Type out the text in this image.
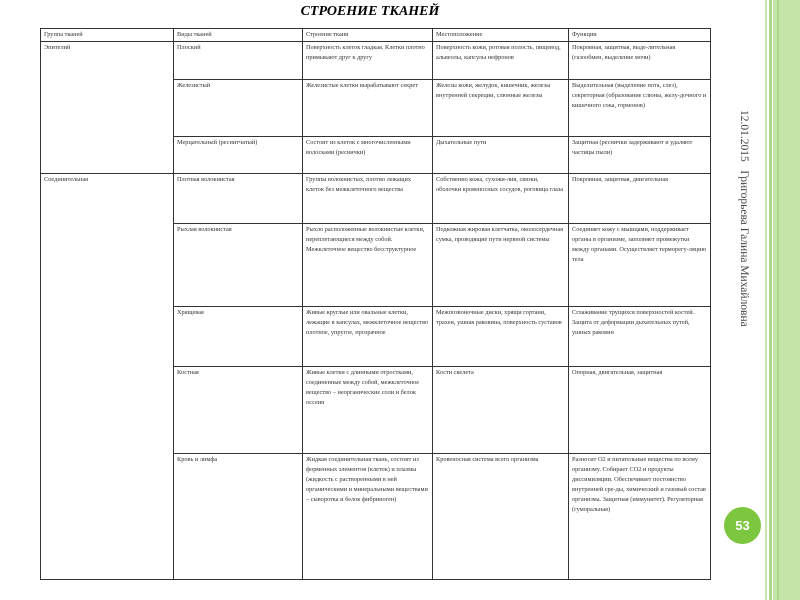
СТРОЕНИЕ ТКАНЕЙ
Группа тканей	Виды тканей	Строение ткани	Местоположение	Функции
Эпителий	Плоский	Поверхность клеток гладкая. Клетки плотно примыкают друг к другу	Поверхность кожи, ротовая полость, пищевод, альвеолы, капсулы нефронов	Покровная, защитная, выде-лительная (газообмен, выделение мочи)
	Железистый	Железистые клетки вырабатывают секрет	Железы кожи, желудок, кишечник, железы внутренней секреции, слюнные железы	Выделительная (выделение пота, слез), секреторная (образование слюны, желу-дочного и кишечного сока, гормонов)
	Мерцательный (реснитчатый)	Состоит из клеток с многочисленными волосками (реснички)	Дыхательные пути	Защитная (реснички задерживают и удаляют частицы пыли)
Соединительная	Плотная волокнистая	Группы волокнистых, плотно лежащих клеток без межклеточного вещества	Собственно кожа, сухожи-лия, связки, оболочки кровеносных сосудов, роговица глаза	Покровная, защитная, двигательная
	Рыхлая волокнистая	Рыхло расположенные волокнистые клетки, переплетающиеся между собой. Межклеточное вещество бесструктурное	Подкожная жировая клетчатка, околосердечная сумка, проводящие пути нервной системы	Соединяет кожу с мышцами, поддерживает органы в организме, заполняет промежутки между органами. Осуществляет терморегу-ляцию тела
	Хрящевая	Живые круглые или овальные клетки, лежащие в капсулах, межклеточное вещество плотное, упругое, прозрачное	Межпозвоночные диски, хрящи гортани, трахеи, ушная раковина, поверхность суставов	Сглаживание трущихся поверхностей костей. Защита от деформации дыхательных путей, ушных раковин
	Костная	Живые клетки с длинными отростками, соединенные между собой, межклеточное вещество – неорганические соли и белок оссеин	Кости скелета	Опорная, двигательная, защитная
	Кровь и лимфа	Жидкая соединительная ткань, состоит из форменных элементов (клеток) и плазмы (жидкость с растворенными в ней органическими и минеральными веществами – сыворотка и белок фибриноген)	Кровеносная система всего организма	Разносит О2 и питательные вещества по всему организму. Собирает СО2 и продукты диссимиляции. Обеспечивает постоянство внутренней сре-ды, химический и газовый состав организма. Защитная (иммунитет). Регуляторная (гуморальная)
12.01.2015   Григорьева Галина Михайловна
53
